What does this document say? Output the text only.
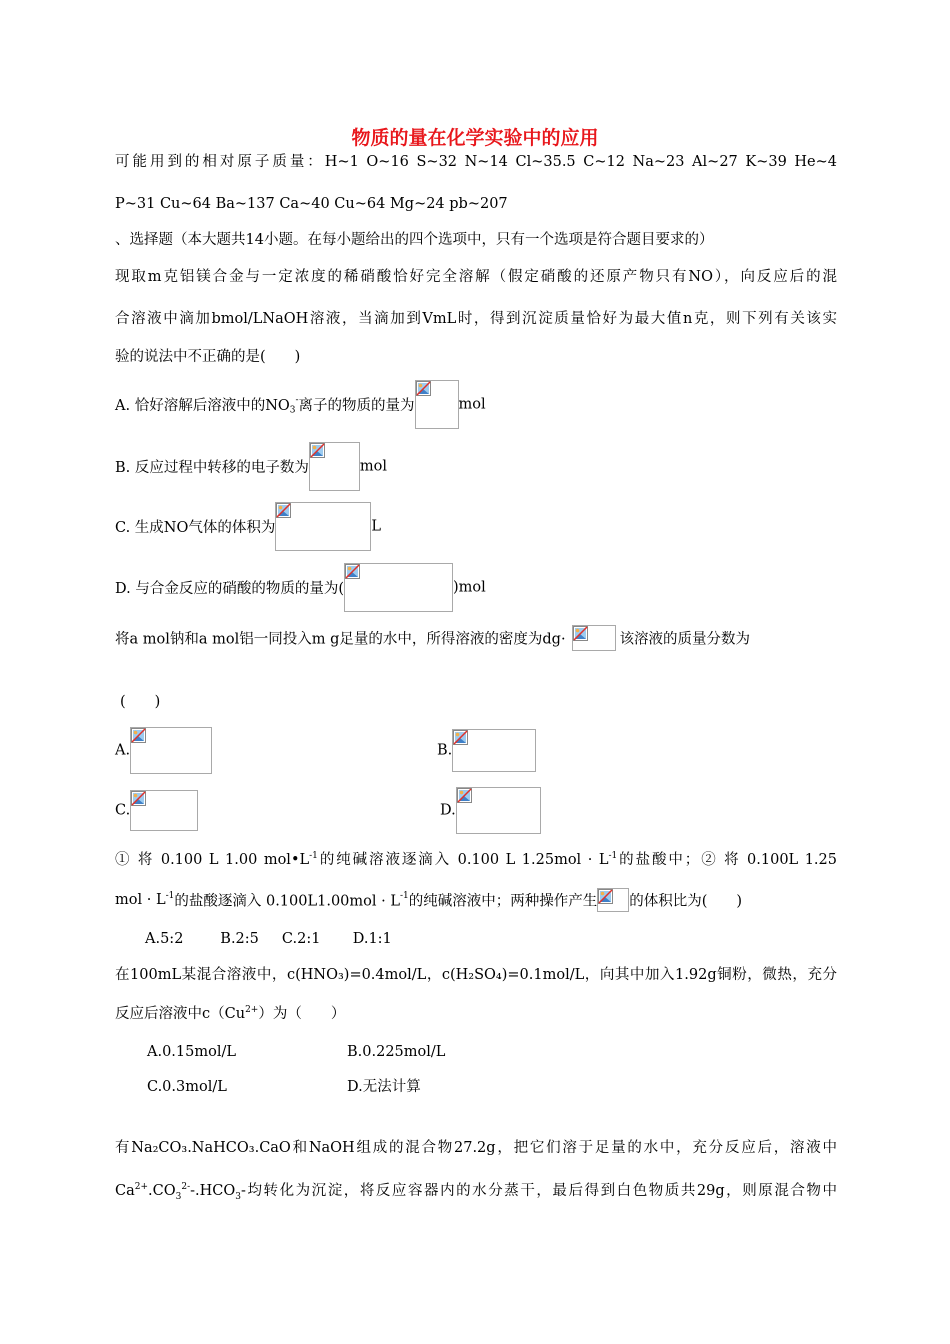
物质的量在化学实验中的应用
可能用到的相对原子质量：H~1 O~16 S~32 N~14 Cl~35.5 C~12 Na~23 Al~27 K~39 He~4
P~31 Cu~64 Ba~137 Ca~40 Cu~64 Mg~24 pb~207
、选择题（本大题共14小题。在每小题给出的四个选项中，只有一个选项是符合题目要求的）
现取m克铝镁合金与一定浓度的稀硝酸恰好完全溶解（假定硝酸的还原产物只有NO），向反应后的混
合溶液中滴加bmol/LNaOH溶液，当滴加到VmL时，得到沉淀质量恰好为最大值n克，则下列有关该实
验的说法中不正确的是(　　)
A. 恰好溶解后溶液中的$NO_3^-$离子的物质的量为	mol
B. 反应过程中转移的电子数为	mol
C. 生成NO气体的体积为	L
D. 与合金反应的硝酸的物质的量为(	)mol
将a mol钠和a mol铝一同投入m g足量的水中，所得溶液的密度为dg·	该溶液的质量分数为
(　　)
A.	B.
C.	D.
① 将 0.100 L 1.00 $mol•L^{-1}$的纯碱溶液逐滴入 0.100 L $1.25mol \cdot L^{-1}$的盐酸中；② 将 0.100L 1.25
mol · $L^{-1}$的盐酸逐滴入 $0.100L1.00mol \cdot L^{-1}$的纯碱溶液中；两种操作产生 的体积比为(　　)
A.5:2        B.2:5     C.2:1       D.1:1
在100mL某混合溶液中，c(HNO₃)=0.4mol/L，c(H₂SO₄)=0.1mol/L，向其中加入1.92g铜粉，微热，充分
反应后溶液中$c(Cu^{2+})$为（　　）
A.0.15mol/L	B.0.225mol/L
C.0.3mol/L	D.无法计算
有Na₂CO₃.NaHCO₃.CaO和NaOH组成的混合物27.2g，把它们溶于足量的水中，充分反应后，溶液中
$Ca^{2+}.CO_3^{2-}-.HCO_3-$均转化为沉淀，将反应容器内的水分蒸干，最后得到白色物质共29g，则原混合物中
